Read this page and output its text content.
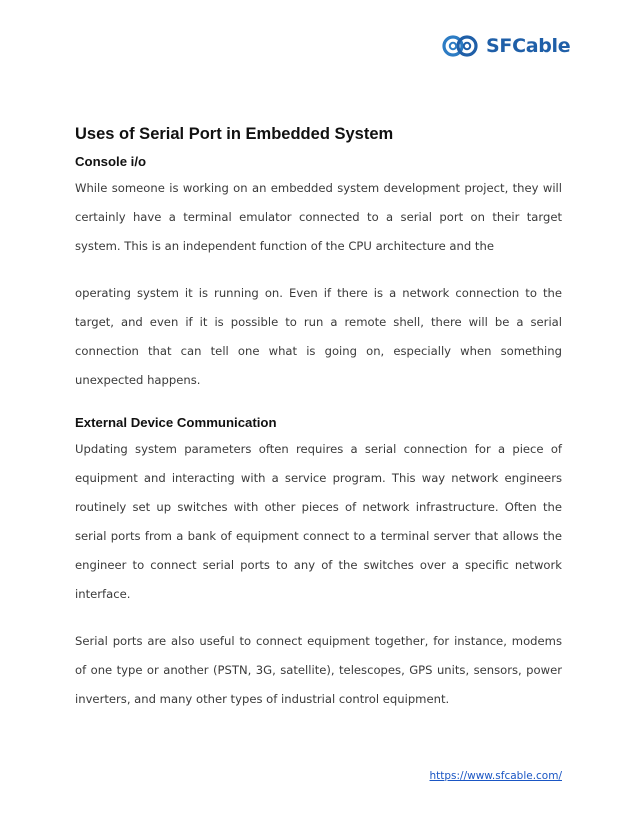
SFCable
Uses of Serial Port in Embedded System
Console i/o

While someone is working on an embedded system development project, they will certainly have a terminal emulator connected to a serial port on their target system. This is an independent function of the CPU architecture and the

operating system it is running on. Even if there is a network connection to the target, and even if it is possible to run a remote shell, there will be a serial connection that can tell one what is going on, especially when something unexpected happens.

External Device Communication

Updating system parameters often requires a serial connection for a piece of equipment and interacting with a service program. This way network engineers routinely set up switches with other pieces of network infrastructure. Often the serial ports from a bank of equipment connect to a terminal server that allows the engineer to connect serial ports to any of the switches over a specific network interface.

Serial ports are also useful to connect equipment together, for instance, modems of one type or another (PSTN, 3G, satellite), telescopes, GPS units, sensors, power inverters, and many other types of industrial control equipment.

https://www.sfcable.com/
